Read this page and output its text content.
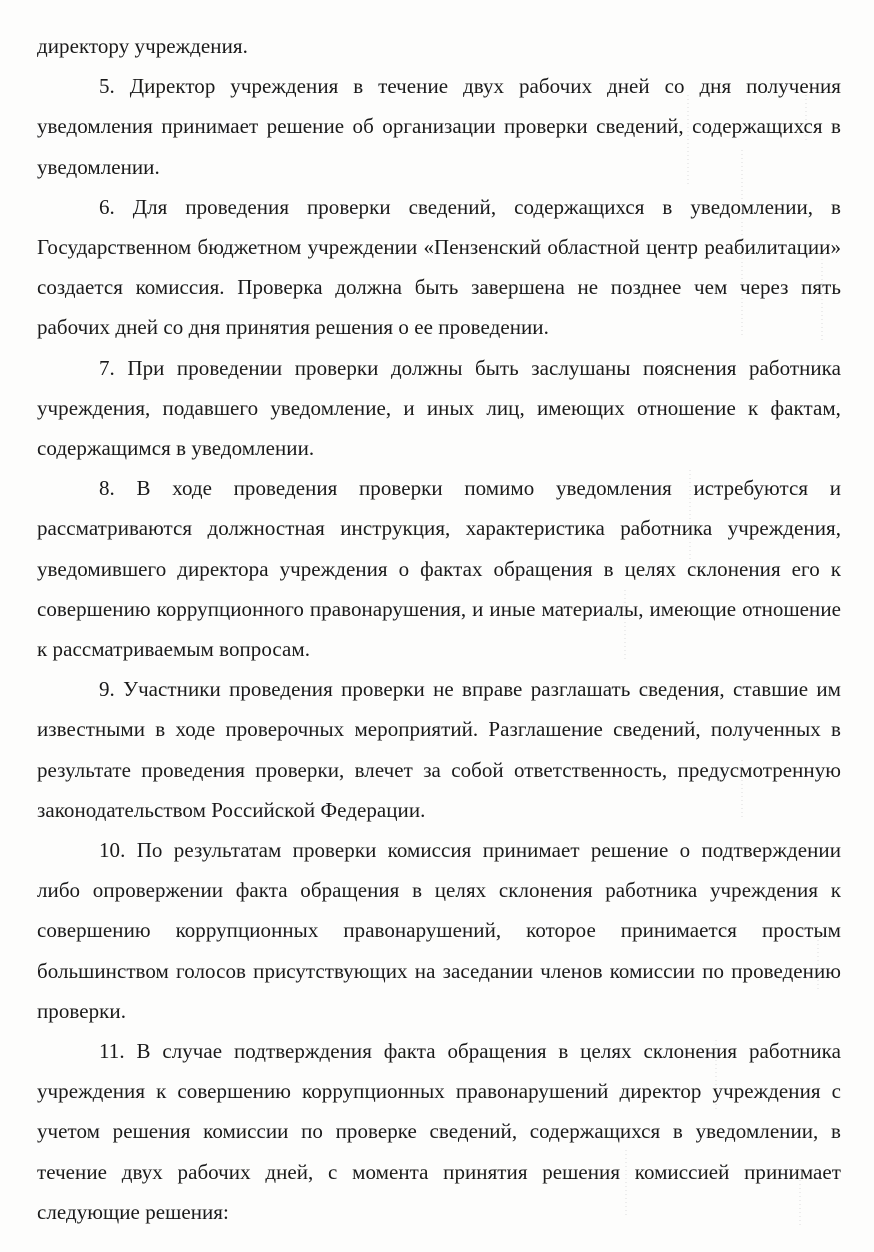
директору учреждения.

5. Директор учреждения в течение двух рабочих дней со дня получения уведомления принимает решение об организации проверки сведений, содержащихся в уведомлении.

6. Для проведения проверки сведений, содержащихся в уведомлении, в Государственном бюджетном учреждении «Пензенский областной центр реабилитации» создается комиссия. Проверка должна быть завершена не позднее чем через пять рабочих дней со дня принятия решения о ее проведении.

7. При проведении проверки должны быть заслушаны пояснения работника учреждения, подавшего уведомление, и иных лиц, имеющих отношение к фактам, содержащимся в уведомлении.

8. В ходе проведения проверки помимо уведомления истребуются и рассматриваются должностная инструкция, характеристика работника учреждения, уведомившего директора учреждения о фактах обращения в целях склонения его к совершению коррупционного правонарушения, и иные материалы, имеющие отношение к рассматриваемым вопросам.

9. Участники проведения проверки не вправе разглашать сведения, ставшие им известными в ходе проверочных мероприятий. Разглашение сведений, полученных в результате проведения проверки, влечет за собой ответственность, предусмотренную законодательством Российской Федерации.

10. По результатам проверки комиссия принимает решение о подтверждении либо опровержении факта обращения в целях склонения работника учреждения к совершению коррупционных правонарушений, которое принимается простым большинством голосов присутствующих на заседании членов комиссии по проведению проверки.

11. В случае подтверждения факта обращения в целях склонения работника учреждения к совершению коррупционных правонарушений директор учреждения с учетом решения комиссии по проверке сведений, содержащихся в уведомлении, в течение двух рабочих дней, с момента принятия решения комиссией принимает следующие решения:
